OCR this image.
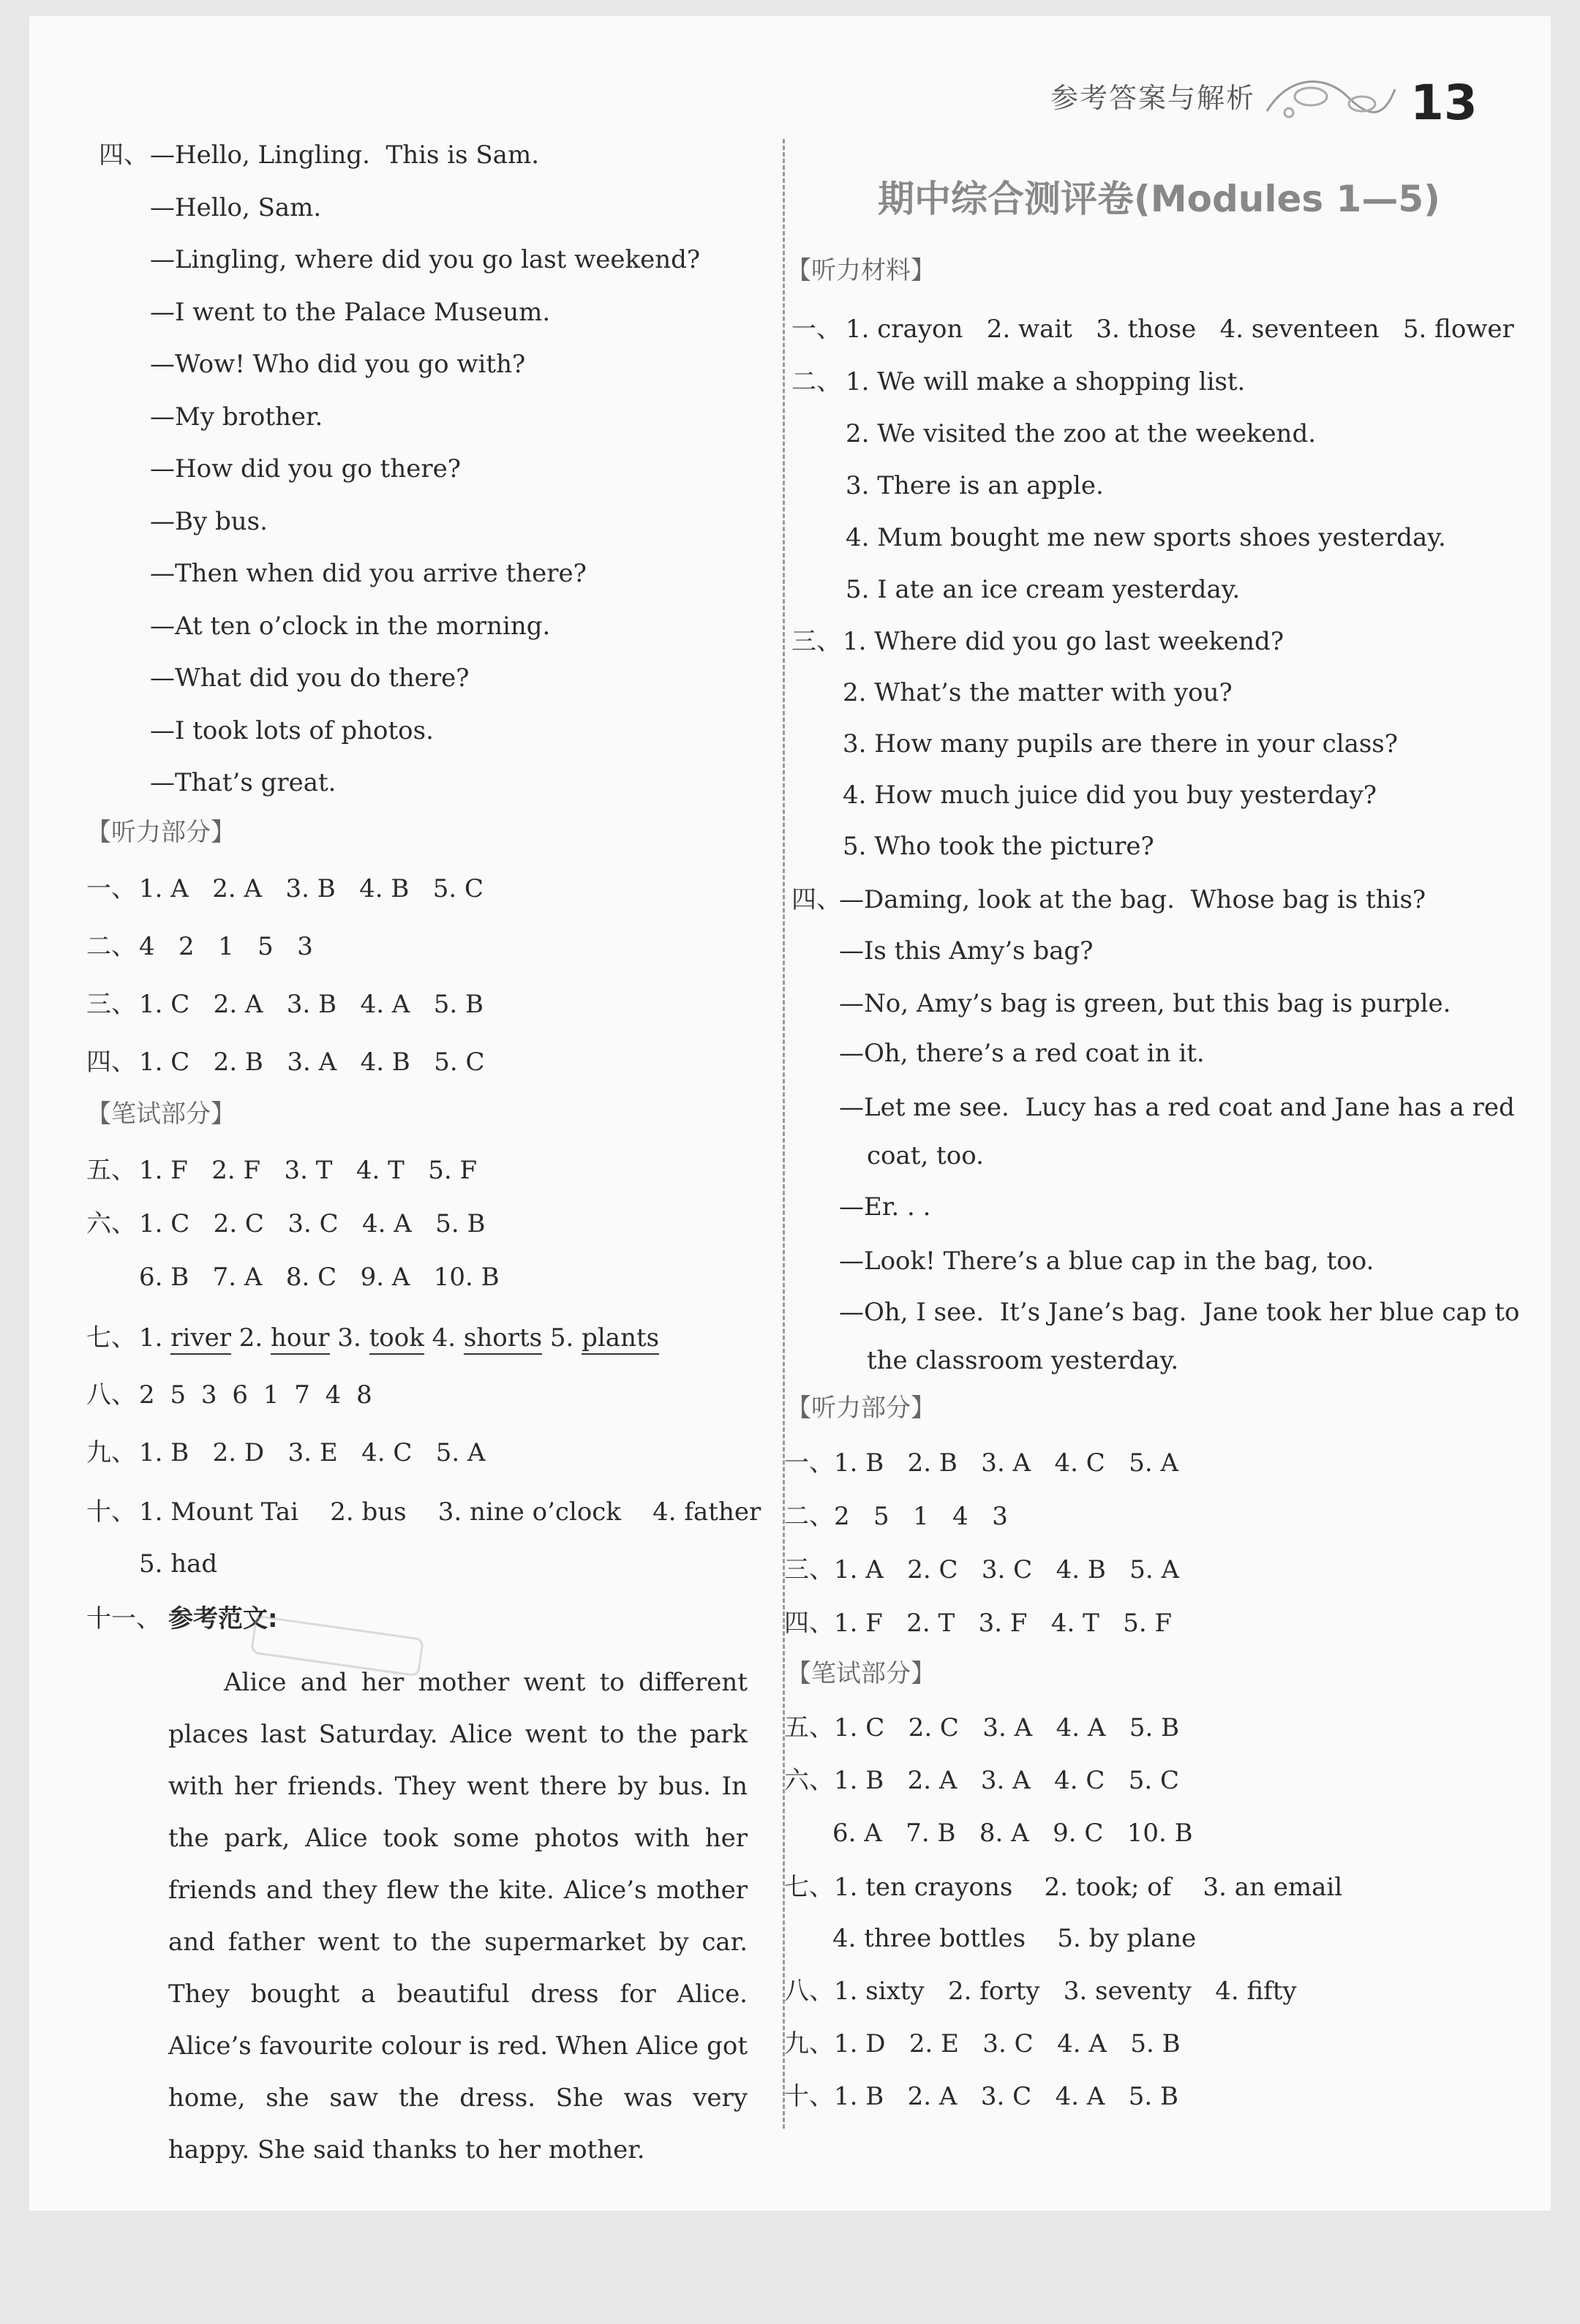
参考答案与解析	13
四、 —Hello, Lingling.  This is Sam.
—Hello, Sam.
—Lingling, where did you go last weekend?
—I went to the Palace Museum.
—Wow! Who did you go with?
—My brother.
—How did you go there?
—By bus.
—Then when did you arrive there?
—At ten o’clock in the morning.
—What did you do there?
—I took lots of photos.
—That’s great.
【听力部分】
一、 1. A   2. A   3. B   4. B   5. C
二、 4   2   1   5   3
三、 1. C   2. A   3. B   4. A   5. B
四、 1. C   2. B   3. A   4. B   5. C
【笔试部分】
五、 1. F   2. F   3. T   4. T   5. F
六、 1. C   2. C   3. C   4. A   5. B
6. B   7. A   8. C   9. A   10. B
七、 1. river 2. hour 3. took 4. shorts 5. plants
八、 2 5 3 6 1 7 4 8
九、 1. B   2. D   3. E   4. C   5. A
十、 1. Mount Tai    2. bus    3. nine o’clock    4. father
5. had
十一、 参考范文:
Alice and her mother went to different places last Saturday. Alice went to the park with her friends. They went there by bus. In the park, Alice took some photos with her friends and they flew the kite. Alice’s mother and father went to the supermarket by car. They bought a beautiful dress for Alice. Alice’s favourite colour is red. When Alice got home, she saw the dress. She was very happy. She said thanks to her mother.
期中综合测评卷(Modules 1—5)
【听力材料】
一、 1. crayon   2. wait   3. those   4. seventeen   5. flower
二、 1. We will make a shopping list.
2. We visited the zoo at the weekend.
3. There is an apple.
4. Mum bought me new sports shoes yesterday.
5. I ate an ice cream yesterday.
三、 1. Where did you go last weekend?
2. What’s the matter with you?
3. How many pupils are there in your class?
4. How much juice did you buy yesterday?
5. Who took the picture?
四、
—Daming, look at the bag.  Whose bag is this?
—Is this Amy’s bag?
—No, Amy’s bag is green, but this bag is purple.
—Oh, there’s a red coat in it.
—Let me see.  Lucy has a red coat and Jane has a red
coat, too.
—Er. . .
—Look! There’s a blue cap in the bag, too.
—Oh, I see.  It’s Jane’s bag.  Jane took her blue cap to
the classroom yesterday.
【听力部分】
一、 1. B   2. B   3. A   4. C   5. A
二、 2   5   1   4   3
三、 1. A   2. C   3. C   4. B   5. A
四、 1. F   2. T   3. F   4. T   5. F
【笔试部分】
五、 1. C   2. C   3. A   4. A   5. B
六、 1. B   2. A   3. A   4. C   5. C
6. A   7. B   8. A   9. C   10. B
七、 1. ten crayons    2. took; of    3. an email
4. three bottles    5. by plane
八、 1. sixty   2. forty   3. seventy   4. fifty
九、 1. D   2. E   3. C   4. A   5. B
十、 1. B   2. A   3. C   4. A   5. B
